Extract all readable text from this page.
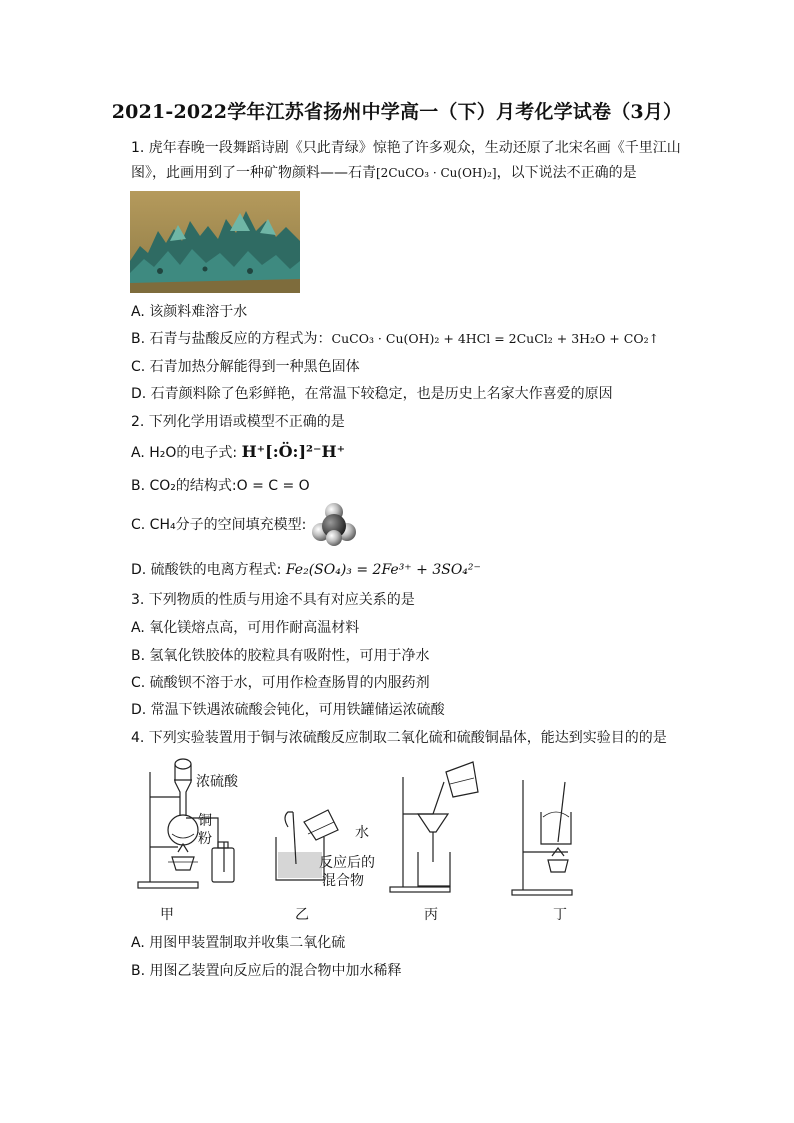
2021-2022学年江苏省扬州中学高一（下）月考化学试卷（3月）
1. 虎年春晚一段舞蹈诗剧《只此青绿》惊艳了许多观众，生动还原了北宋名画《千里江山
图》，此画用到了一种矿物颜料——石青[2CuCO₃ · Cu(OH)₂]，以下说法不正确的是
A. 该颜料难溶于水
B. 石青与盐酸反应的方程式为：CuCO₃ · Cu(OH)₂ + 4HCl = 2CuCl₂ + 3H₂O + CO₂↑
C. 石青加热分解能得到一种黑色固体
D. 石青颜料除了色彩鲜艳，在常温下较稳定，也是历史上名家大作喜爱的原因
2. 下列化学用语或模型不正确的是
A. H₂O的电子式: H⁺[:Ö:]²⁻H⁺
B. CO₂的结构式:O = C = O
C. CH₄分子的空间填充模型:
D. 硫酸铁的电离方程式: Fe₂(SO₄)₃ = 2Fe³⁺ + 3SO₄²⁻
3. 下列物质的性质与用途不具有对应关系的是
A. 氧化镁熔点高，可用作耐高温材料
B. 氢氧化铁胶体的胶粒具有吸附性，可用于净水
C. 硫酸钡不溶于水，可用作检查肠胃的内服药剂
D. 常温下铁遇浓硫酸会钝化，可用铁罐储运浓硫酸
4. 下列实验装置用于铜与浓硫酸反应制取二氧化硫和硫酸铜晶体，能达到实验目的的是
浓硫酸
铜
粉	水
反应后的
混合物
甲	乙	丙	丁
A. 用图甲装置制取并收集二氧化硫
B. 用图乙装置向反应后的混合物中加水稀释
